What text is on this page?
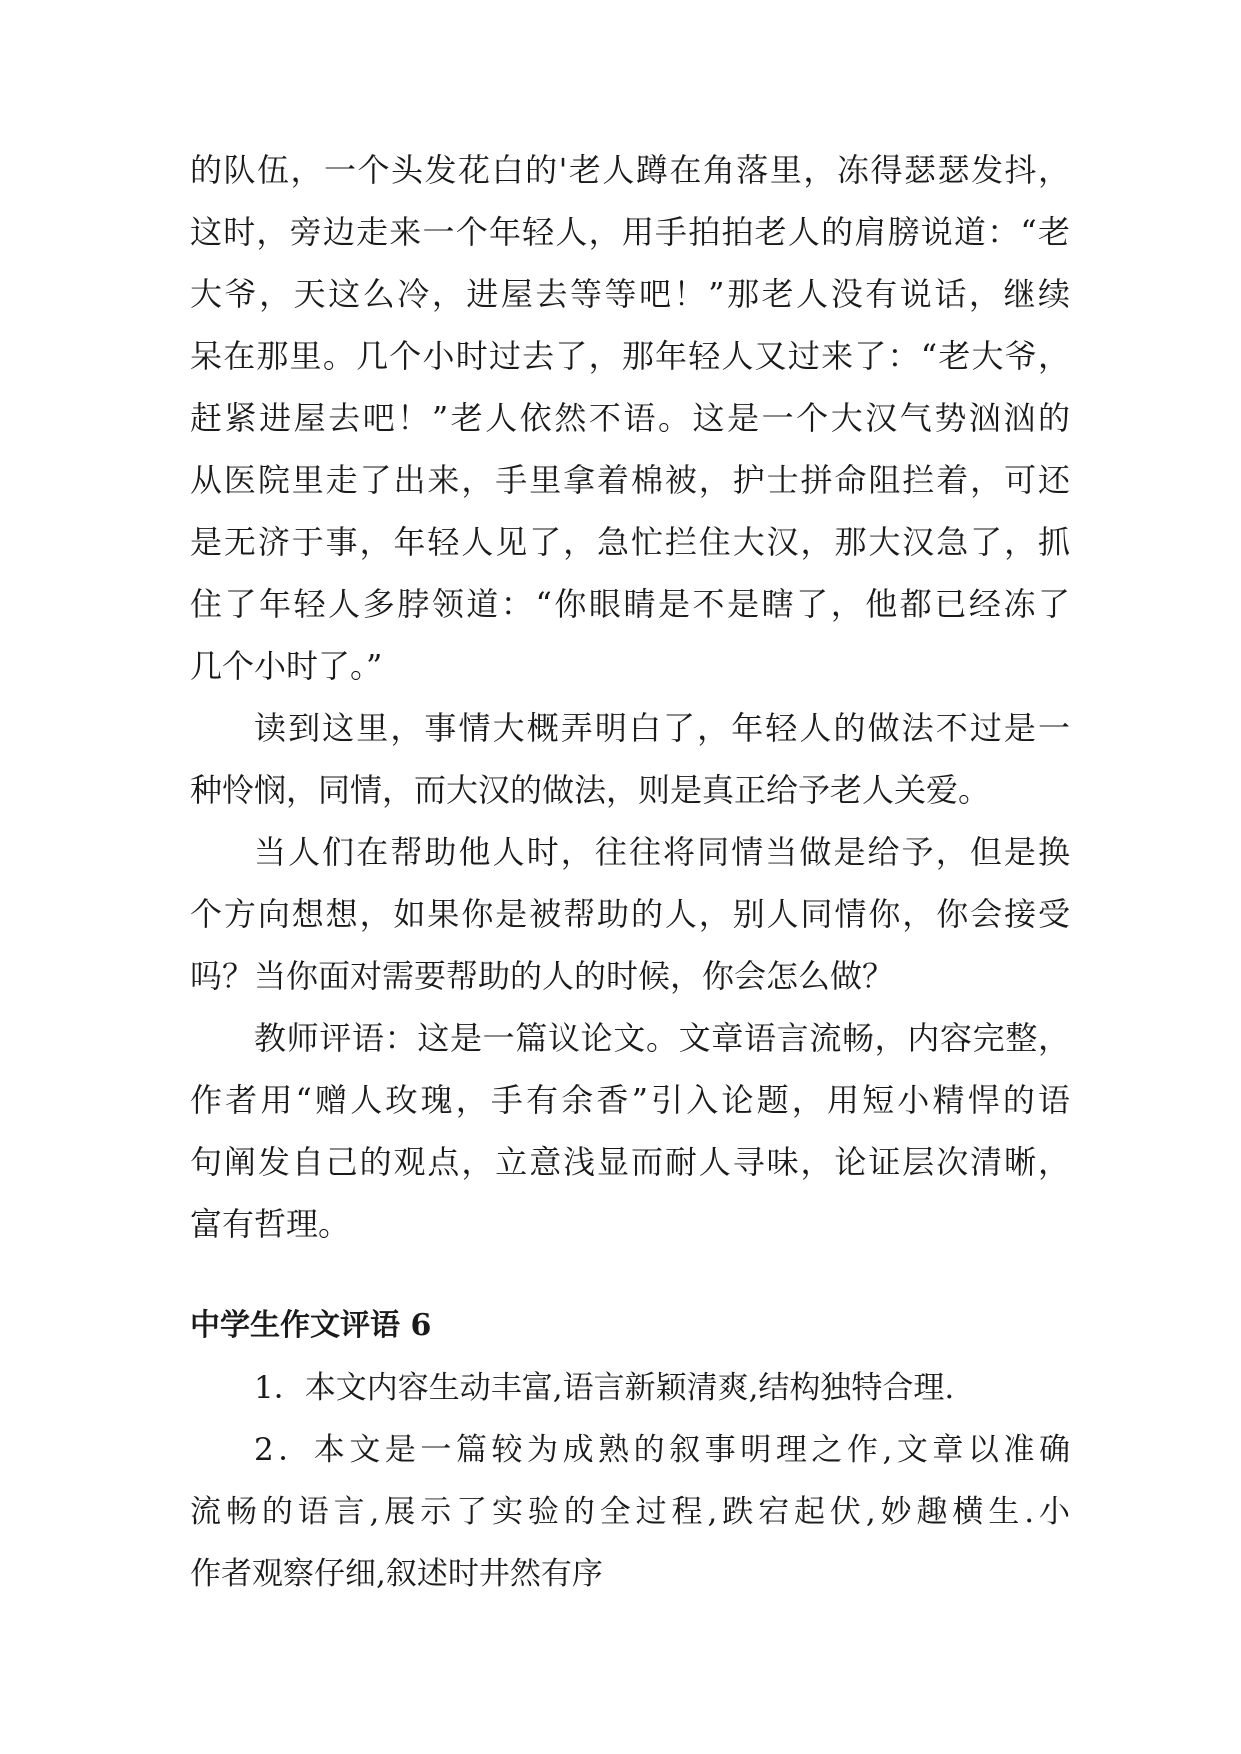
的队伍，一个头发花白的'老人蹲在角落里，冻得瑟瑟发抖，

这时，旁边走来一个年轻人，用手拍拍老人的肩膀说道：“老

大爷，天这么冷，进屋去等等吧！”那老人没有说话，继续

呆在那里。几个小时过去了，那年轻人又过来了：“老大爷，

赶紧进屋去吧！”老人依然不语。这是一个大汉气势汹汹的

从医院里走了出来，手里拿着棉被，护士拼命阻拦着，可还

是无济于事，年轻人见了，急忙拦住大汉，那大汉急了，抓

住了年轻人多脖领道：“你眼睛是不是瞎了，他都已经冻了

几个小时了。”

读到这里，事情大概弄明白了，年轻人的做法不过是一

种怜悯，同情，而大汉的做法，则是真正给予老人关爱。

当人们在帮助他人时，往往将同情当做是给予，但是换

个方向想想，如果你是被帮助的人，别人同情你，你会接受

吗？当你面对需要帮助的人的时候，你会怎么做？

教师评语：这是一篇议论文。文章语言流畅，内容完整，

作者用“赠人玫瑰，手有余香”引入论题，用短小精悍的语

句阐发自己的观点，立意浅显而耐人寻味，论证层次清晰，

富有哲理。

中学生作文评语 6

1．本文内容生动丰富,语言新颖清爽,结构独特合理.

2．本文是一篇较为成熟的叙事明理之作,文章以准确

流畅的语言,展示了实验的全过程,跌宕起伏,妙趣横生.小

作者观察仔细,叙述时井然有序
